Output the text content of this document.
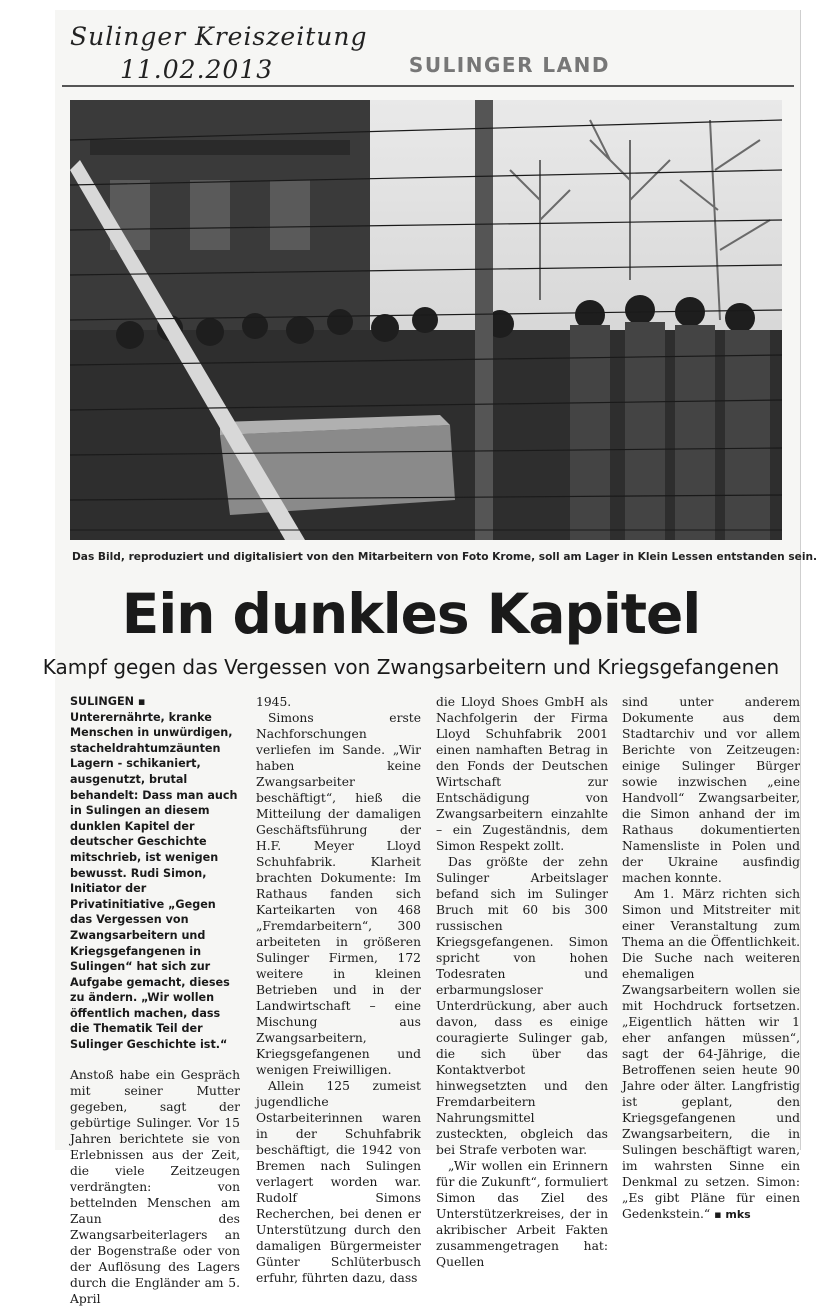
Sulinger Kreiszeitung
11.02.2013	SULINGER LAND
Das Bild, reproduziert und digitalisiert von den Mitarbeitern von Foto Krome, soll am Lager in Klein Lessen entstanden sein.
Ein dunkles Kapitel
Kampf gegen das Vergessen von Zwangsarbeitern und Kriegsgefangenen
SULINGEN ▪ Unterernährte, kranke Menschen in unwürdigen, stacheldrahtumzäunten Lagern - schikaniert, ausgenutzt, brutal behandelt: Dass man auch in Sulingen an diesem dunklen Kapitel der deutscher Geschichte mitschrieb, ist wenigen bewusst. Rudi Simon, Initiator der Privatinitiative „Gegen das Vergessen von Zwangsarbeitern und Kriegsgefangenen in Sulingen“ hat sich zur Aufgabe gemacht, dieses zu ändern. „Wir wollen öffentlich machen, dass die Thematik Teil der Sulinger Geschichte ist.“

Anstoß habe ein Gespräch mit seiner Mutter gegeben, sagt der gebürtige Sulinger. Vor 15 Jahren berichtete sie von Erlebnissen aus der Zeit, die viele Zeitzeugen verdrängten: von bettelnden Menschen am Zaun des Zwangsarbeiterlagers an der Bogenstraße oder von der Auflösung des Lagers durch die Engländer am 5. April

1945.

Simons erste Nachforschungen verliefen im Sande. „Wir haben keine Zwangsarbeiter beschäftigt“, hieß die Mitteilung der damaligen Geschäftsführung der H.F. Meyer Lloyd Schuhfabrik. Klarheit brachten Dokumente: Im Rathaus fanden sich Karteikarten von 468 „Fremdarbeitern“, 300 arbeiteten in größeren Sulinger Firmen, 172 weitere in kleinen Betrieben und in der Landwirtschaft – eine Mischung aus Zwangsarbeitern, Kriegsgefangenen und wenigen Freiwilligen.

Allein 125 zumeist jugendliche Ostarbeiterinnen waren in der Schuhfabrik beschäftigt, die 1942 von Bremen nach Sulingen verlagert worden war. Rudolf Simons Recherchen, bei denen er Unterstützung durch den damaligen Bürgermeister Günter Schlüterbusch erfuhr, führten dazu, dass

die Lloyd Shoes GmbH als Nachfolgerin der Firma Lloyd Schuhfabrik 2001 einen namhaften Betrag in den Fonds der Deutschen Wirtschaft zur Entschädigung von Zwangsarbeitern einzahlte – ein Zugeständnis, dem Simon Respekt zollt.

Das größte der zehn Sulinger Arbeitslager befand sich im Sulinger Bruch mit 60 bis 300 russischen Kriegsgefangenen. Simon spricht von hohen Todesraten und erbarmungsloser Unterdrückung, aber auch davon, dass es einige couragierte Sulinger gab, die sich über das Kontaktverbot hinwegsetzten und den Fremdarbeitern Nahrungsmittel zusteckten, obgleich das bei Strafe verboten war.

„Wir wollen ein Erinnern für die Zukunft“, formuliert Simon das Ziel des Unterstützerkreises, der in akribischer Arbeit Fakten zusammengetragen hat: Quellen

sind unter anderem Dokumente aus dem Stadtarchiv und vor allem Berichte von Zeitzeugen: einige Sulinger Bürger sowie inzwischen „eine Handvoll“ Zwangsarbeiter, die Simon anhand der im Rathaus dokumentierten Namensliste in Polen und der Ukraine ausfindig machen konnte.

Am 1. März richten sich Simon und Mitstreiter mit einer Veranstaltung zum Thema an die Öffentlichkeit. Die Suche nach weiteren ehemaligen Zwangsarbeitern wollen sie mit Hochdruck fortsetzen. „Eigentlich hätten wir 1 eher anfangen müssen“, sagt der 64-Jährige, die Betroffenen seien heute 90 Jahre oder älter. Langfristig ist geplant, den Kriegsgefangenen und Zwangsarbeitern, die in Sulingen beschäftigt waren, im wahrsten Sinne ein Denkmal zu setzen. Simon: „Es gibt Pläne für einen Gedenkstein.“ ▪ mks
